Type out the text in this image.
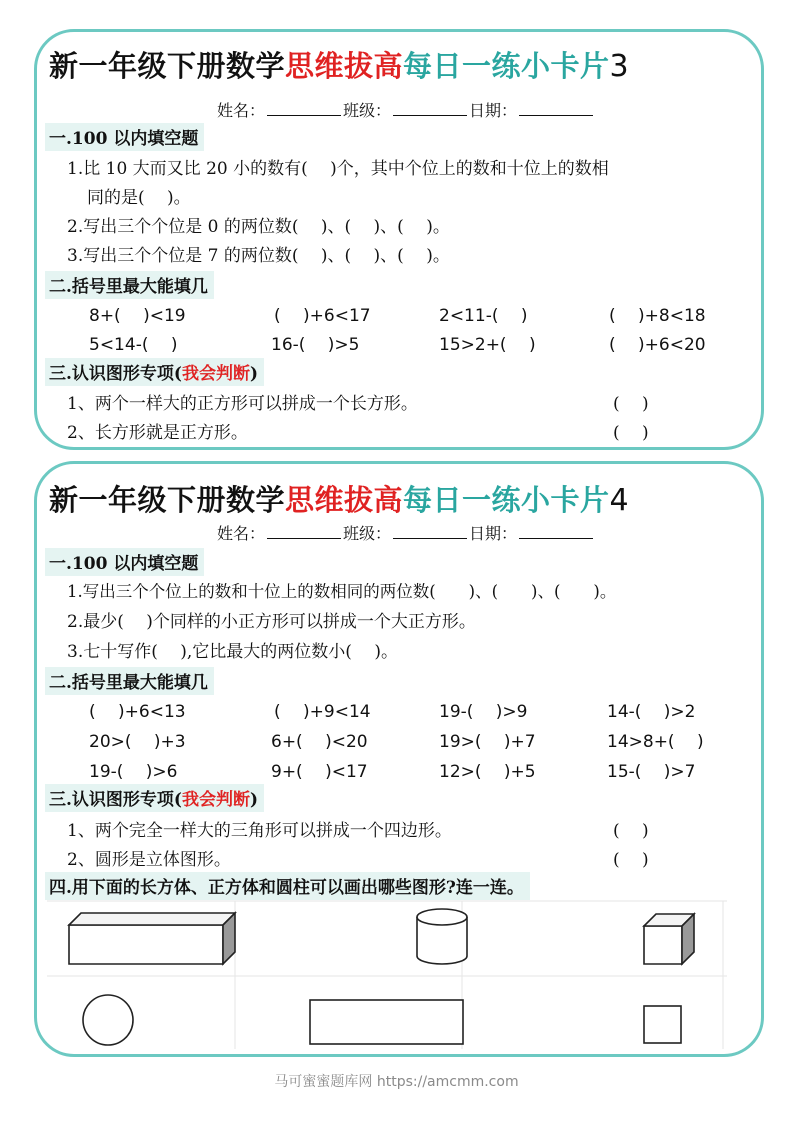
新一年级下册数学思维拔高每日一练小卡片3
姓名：	班级：	日期：
一.100 以内填空题
1.比 10 大而又比 20 小的数有(　 )个，其中个位上的数和十位上的数相
同的是(　 )。
2.写出三个个位是 0 的两位数(　 )、(　 )、(　 )。
3.写出三个个位是 7 的两位数(　 )、(　 )、(　 )。
二.括号里最大能填几
8+(　 )<19	(　 )+6<17	2<11-(　 )	(　 )+8<18
5<14-(　 )	16-(　 )>5	15>2+(　 )	(　 )+6<20
三.认识图形专项(我会判断)
1、两个一样大的正方形可以拼成一个长方形。	(　 )
2、长方形就是正方形。	(　 )
新一年级下册数学思维拔高每日一练小卡片4
姓名：	班级：	日期：
一.100 以内填空题
1.写出三个个位上的数和十位上的数相同的两位数(　　)、(　　)、(　　)。
2.最少(　 )个同样的小正方形可以拼成一个大正方形。
3.七十写作(　 ),它比最大的两位数小(　 )。
二.括号里最大能填几
(　 )+6<13	(　 )+9<14	19-(　 )>9	14-(　 )>2
20>(　 )+3	6+(　 )<20	19>(　 )+7	14>8+(　 )
19-(　 )>6	9+(　 )<17	12>(　 )+5	15-(　 )>7
三.认识图形专项(我会判断)
1、两个完全一样大的三角形可以拼成一个四边形。	(　 )
2、圆形是立体图形。	(　 )
四.用下面的长方体、正方体和圆柱可以画出哪些图形?连一连。
马可蜜蜜题库网 https://amcmm.com
